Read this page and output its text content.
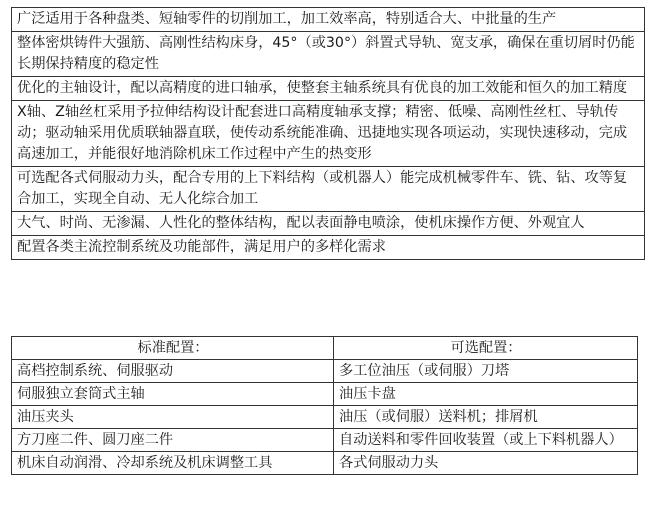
广泛适用于各种盘类、短轴零件的切削加工，加工效率高，特别适合大、中批量的生产
整体密烘铸件大强筋、高刚性结构床身，45°（或30°）斜置式导轨、宽支承，确保在重切屑时仍能长期保持精度的稳定性
优化的主轴设计，配以高精度的进口轴承，使整套主轴系统具有优良的加工效能和恒久的加工精度
X轴、Z轴丝杠采用予拉伸结构设计配套进口高精度轴承支撑；精密、低噪、高刚性丝杠、导轨传动；驱动轴采用优质联轴器直联，使传动系统能准确、迅捷地实现各项运动，实现快速移动，完成高速加工，并能很好地消除机床工作过程中产生的热变形
可选配各式伺服动力头，配合专用的上下料结构（或机器人）能完成机械零件车、铣、钻、攻等复合加工，实现全自动、无人化综合加工
大气、时尚、无渗漏、人性化的整体结构，配以表面静电喷涂，使机床操作方便、外观宜人
配置各类主流控制系统及功能部件，满足用户的多样化需求
标准配置：	可选配置：
高档控制系统、伺服驱动	多工位油压（或伺服）刀塔
伺服独立套筒式主轴	油压卡盘
油压夹头	油压（或伺服）送料机；排屑机
方刀座二件、圆刀座二件	自动送料和零件回收装置（或上下料机器人）
机床自动润滑、冷却系统及机床调整工具	各式伺服动力头
